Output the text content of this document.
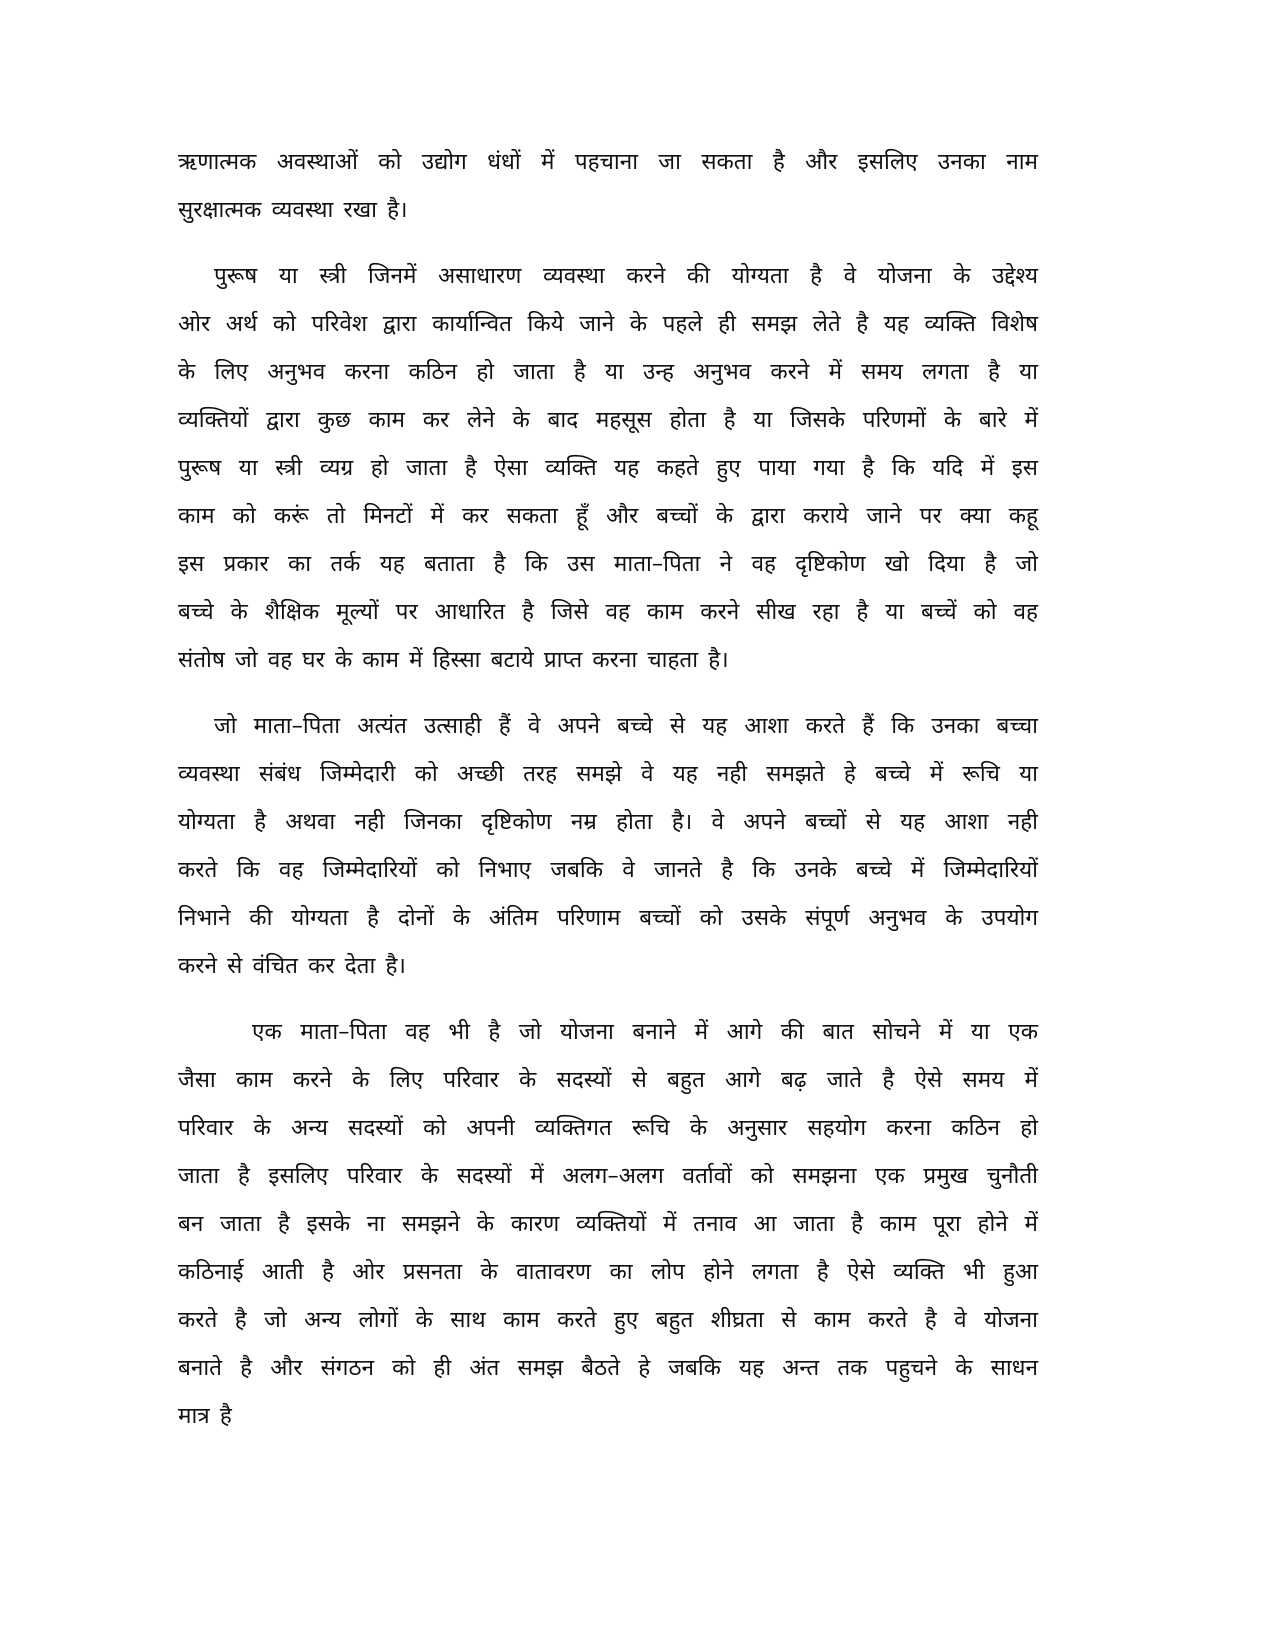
ऋणात्मक अवस्थाओं को उद्योग धंधों में पहचाना जा सकता है और इसलिए उनका नाम
सुरक्षात्मक व्यवस्था रखा है।

पुरूष या स्त्री जिनमें असाधारण व्यवस्था करने की योग्यता है वे योजना के उद्देश्य
ओर अर्थ को परिवेश द्वारा कार्यान्वित किये जाने के पहले ही समझ लेते है यह व्यक्ति विशेष
के लिए अनुभव करना कठिन हो जाता है या उन्ह अनुभव करने में समय लगता है या
व्यक्तियों द्वारा कुछ काम कर लेने के बाद महसूस होता है या जिसके परिणमों के बारे में
पुरूष या स्त्री व्यग्र हो जाता है ऐसा व्यक्ति यह कहते हुए पाया गया है कि यदि में इस
काम को करूं तो मिनटों में कर सकता हूँ और बच्चों के द्वारा कराये जाने पर क्या कहू
इस प्रकार का तर्क यह बताता है कि उस माता–पिता ने वह दृष्टिकोण खो दिया है जो
बच्चे के शैक्षिक मूल्यों पर आधारित है जिसे वह काम करने सीख रहा है या बच्चें को वह
संतोष जो वह घर के काम में हिस्सा बटाये प्राप्त करना चाहता है।

जो माता–पिता अत्यंत उत्साही हैं वे अपने बच्चे से यह आशा करते हैं कि उनका बच्चा
व्यवस्था संबंध जिम्मेदारी को अच्छी तरह समझे वे यह नही समझते हे बच्चे में रूचि या
योग्यता है अथवा नही जिनका दृष्टिकोण नम्र होता है। वे अपने बच्चों से यह आशा नही
करते कि वह जिम्मेदारियों को निभाए जबकि वे जानते है कि उनके बच्चे में जिम्मेदारियों
निभाने की योग्यता है दोनों के अंतिम परिणाम बच्चों को उसके संपूर्ण अनुभव के उपयोग
करने से वंचित कर देता है।

एक माता–पिता वह भी है जो योजना बनाने में आगे की बात सोचने में या एक
जैसा काम करने के लिए परिवार के सदस्यों से बहुत आगे बढ़ जाते है ऐसे समय में
परिवार के अन्य सदस्यों को अपनी व्यक्तिगत रूचि के अनुसार सहयोग करना कठिन हो
जाता है इसलिए परिवार के सदस्यों में अलग–अलग वर्तावों को समझना एक प्रमुख चुनौती
बन जाता है इसके ना समझने के कारण व्यक्तियों में तनाव आ जाता है काम पूरा होने में
कठिनाई आती है ओर प्रसनता के वातावरण का लोप होने लगता है ऐसे व्यक्ति भी हुआ
करते है जो अन्य लोगों के साथ काम करते हुए बहुत शीघ्रता से काम करते है वे योजना
बनाते है और संगठन को ही अंत समझ बैठते हे जबकि यह अन्त तक पहुचने के साधन
मात्र है
